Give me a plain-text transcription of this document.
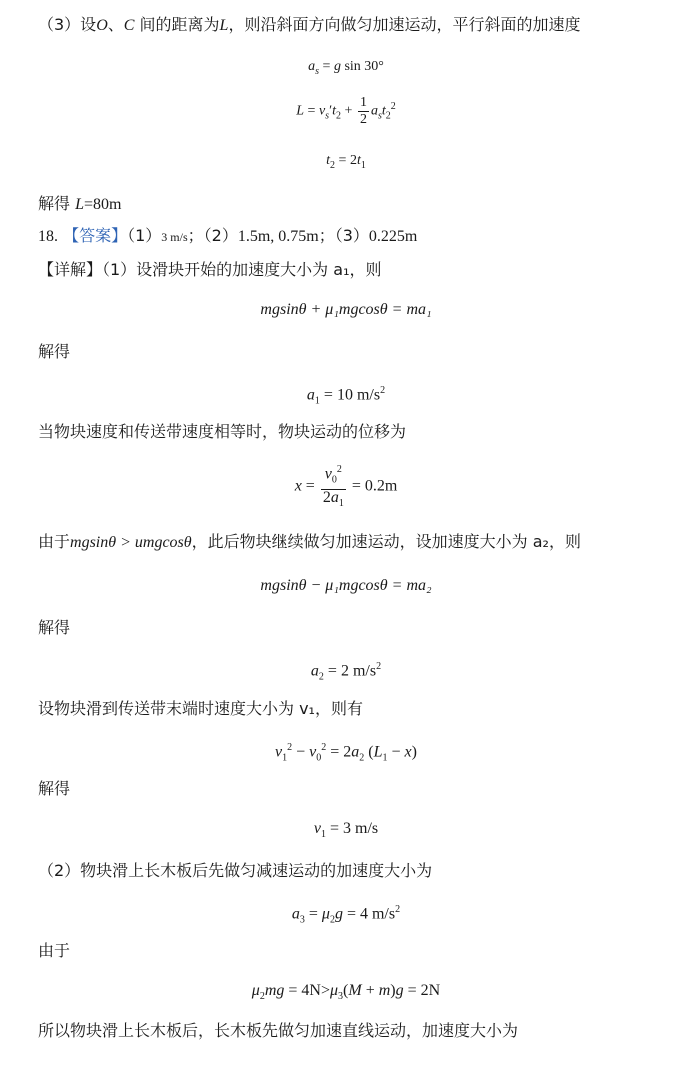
（3）设O、C 间的距离为L，则沿斜面方向做匀加速运动，平行斜面的加速度
$a_s = g$ sin 30°
$L = v_s't_2 + \frac{1}{2} a_st_2^2$
$t_2 = 2t_1$
解得 L=80m
18. 【答案】（1）3 m/s；（2）1.5m, 0.75m；（3）0.225m
【详解】（1）设滑块开始的加速度大小为 a₁，则
mgsinθ + μ₁mgcosθ = ma₁
解得
$a_1 = 10$ $m/s^2$
当物块速度和传送带速度相等时，物块运动的位移为
$x = \frac{v_0^2}{2a_1} = 0.2m$
由于mgsinθ > umgcosθ，此后物块继续做匀加速运动，设加速度大小为 a₂，则
mgsinθ − μ₁mgcosθ = ma₂
解得
$a_2 = 2$ $m/s^2$
设物块滑到传送带末端时速度大小为 v₁，则有
$v_1^2 - v_0^2 = 2a_2$ $(L_1 - x)$
解得
$v_1 = 3$ m/s
（2）物块滑上长木板后先做匀减速运动的加速度大小为
$a_3 = \mu_2g = 4$ $m/s^2$
由于
$\mu_2mg = 4N>\mu_3(M + m)g = 2N$
所以物块滑上长木板后，长木板先做匀加速直线运动，加速度大小为
